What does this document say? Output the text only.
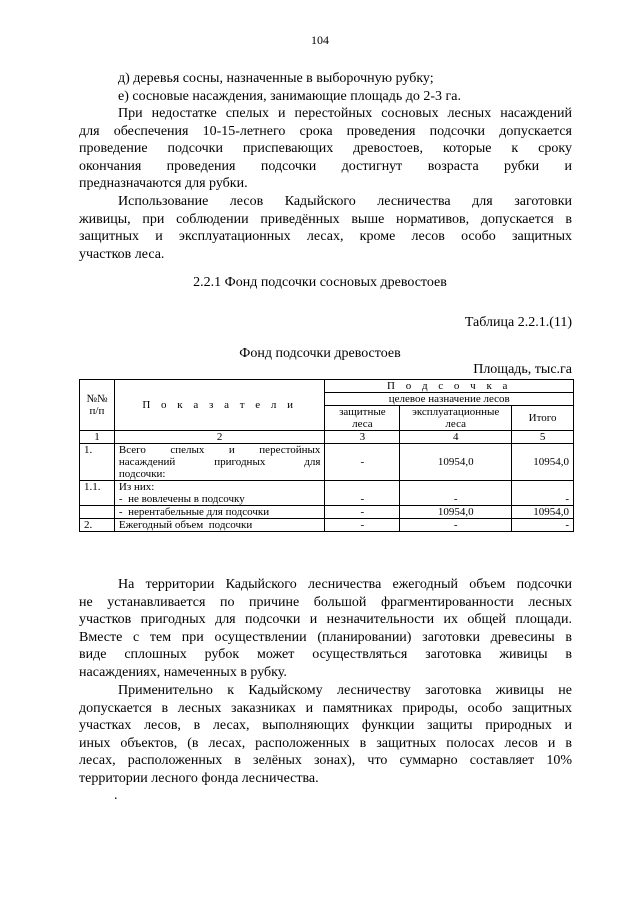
104
д) деревья сосны, назначенные в выборочную рубку;
е) сосновые насаждения, занимающие площадь до 2-3 га.
При недостатке спелых и перестойных сосновых лесных насаждений
для обеспечения 10-15-летнего срока проведения подсочки допускается
проведение подсочки приспевающих древостоев, которые к сроку
окончания проведения подсочки достигнут возраста рубки и
предназначаются для рубки.
Использование лесов Кадыйского лесничества для заготовки
живицы, при соблюдении приведённых выше нормативов, допускается в
защитных и эксплуатационных лесах, кроме лесов особо защитных
участков леса.
2.2.1 Фонд подсочки сосновых древостоев
Таблица 2.2.1.(11)
Фонд подсочки древостоев
Площадь, тыс.га
№№ п/п	П о к а з а т е л и	П о д с о ч к а		
		целевое назначение лесов		
		защитные леса	эксплуатационные леса	Итого
1	2	3	4	5
1.	Всего спелых и перестойных
насаждений пригодных для
подсочки:	-	10954,0	10954,0
1.1.	Из них:
-  не вовлечены в подсочку	-	-	-

	-  нерентабельные для подсочки	-	10954,0	10954,0
2.	Ежегодный объем  подсочки	-	-	-
На территории Кадыйского лесничества ежегодный объем подсочки
не устанавливается по причине большой фрагментированности лесных
участков пригодных для подсочки и незначительности их общей площади.
Вместе с тем при осуществлении (планировании) заготовки древесины в
виде сплошных рубок может осуществляться заготовка живицы в
насаждениях, намеченных в рубку.
Применительно к Кадыйскому лесничеству заготовка живицы не
допускается в лесных заказниках и памятниках природы, особо защитных
участках лесов, в лесах, выполняющих функции защиты природных и
иных объектов, (в лесах, расположенных в защитных полосах лесов и в
лесах, расположенных в зелёных зонах), что суммарно составляет 10%
территории лесного фонда лесничества.
.
